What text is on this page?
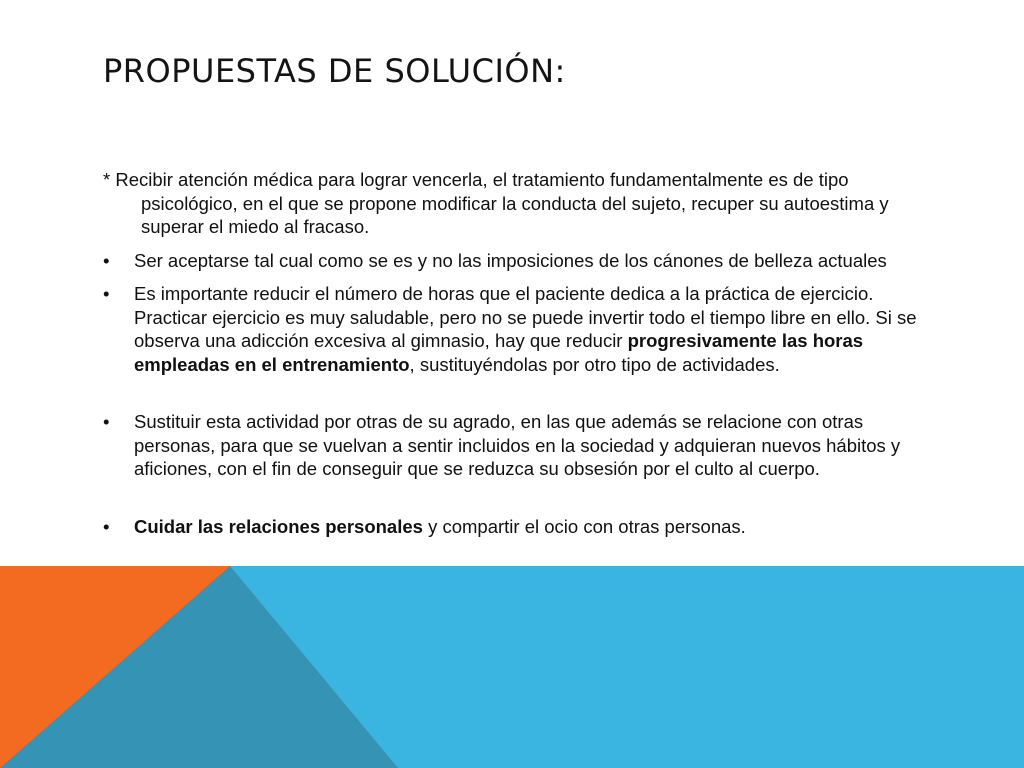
PROPUESTAS DE SOLUCIÓN:

* Recibir atención médica para lograr vencerla, el tratamiento fundamentalmente es de tipo psicológico, en el que se propone modificar la conducta del sujeto, recuper su autoestima y superar el miedo al fracaso.

• Ser aceptarse tal cual como se es y no las imposiciones de los cánones de belleza actuales
• Es importante reducir el número de horas que el paciente dedica a la práctica de ejercicio. Practicar ejercicio es muy saludable, pero no se puede invertir todo el tiempo libre en ello. Si se observa una adicción excesiva al gimnasio, hay que reducir progresivamente las horas empleadas en el entrenamiento, sustituyéndolas por otro tipo de actividades.
• Sustituir esta actividad por otras de su agrado, en las que además se relacione con otras personas, para que se vuelvan a sentir incluidos en la sociedad y adquieran nuevos hábitos y aficiones, con el fin de conseguir que se reduzca su obsesión por el culto al cuerpo.
• Cuidar las relaciones personales y compartir el ocio con otras personas.
